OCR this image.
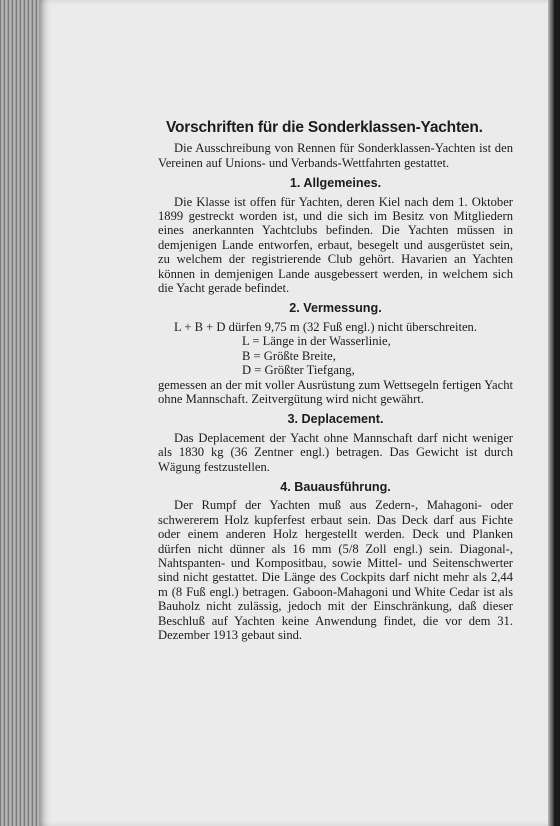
Vorschriften für die Sonderklassen-Yachten.

Die Ausschreibung von Rennen für Sonderklassen-Yachten ist den Vereinen auf Unions- und Verbands-Wettfahrten gestattet.

1. Allgemeines.

Die Klasse ist offen für Yachten, deren Kiel nach dem 1. Oktober 1899 gestreckt worden ist, und die sich im Besitz von Mitgliedern eines anerkannten Yachtclubs befinden. Die Yachten müssen in demjenigen Lande entworfen, erbaut, besegelt und ausgerüstet sein, zu welchem der registrierende Club gehört. Havarien an Yachten können in demjenigen Lande ausgebessert werden, in welchem sich die Yacht gerade befindet.

2. Vermessung.

L + B + D dürfen 9,75 m (32 Fuß engl.) nicht überschreiten.

L = Länge in der Wasserlinie,
B = Größte Breite,
D = Größter Tiefgang,

gemessen an der mit voller Ausrüstung zum Wettsegeln fertigen Yacht ohne Mannschaft. Zeitvergütung wird nicht gewährt.

3. Deplacement.

Das Deplacement der Yacht ohne Mannschaft darf nicht weniger als 1830 kg (36 Zentner engl.) betragen. Das Gewicht ist durch Wägung festzustellen.

4. Bauausführung.

Der Rumpf der Yachten muß aus Zedern-, Mahagoni- oder schwererem Holz kupferfest erbaut sein. Das Deck darf aus Fichte oder einem anderen Holz hergestellt werden. Deck und Planken dürfen nicht dünner als 16 mm (5/8 Zoll engl.) sein. Diagonal-, Nahtspanten- und Kompositbau, sowie Mittel- und Seitenschwerter sind nicht gestattet. Die Länge des Cockpits darf nicht mehr als 2,44 m (8 Fuß engl.) betragen. Gaboon-Mahagoni und White Cedar ist als Bauholz nicht zulässig, jedoch mit der Einschränkung, daß dieser Beschluß auf Yachten keine Anwendung findet, die vor dem 31. Dezember 1913 gebaut sind.
